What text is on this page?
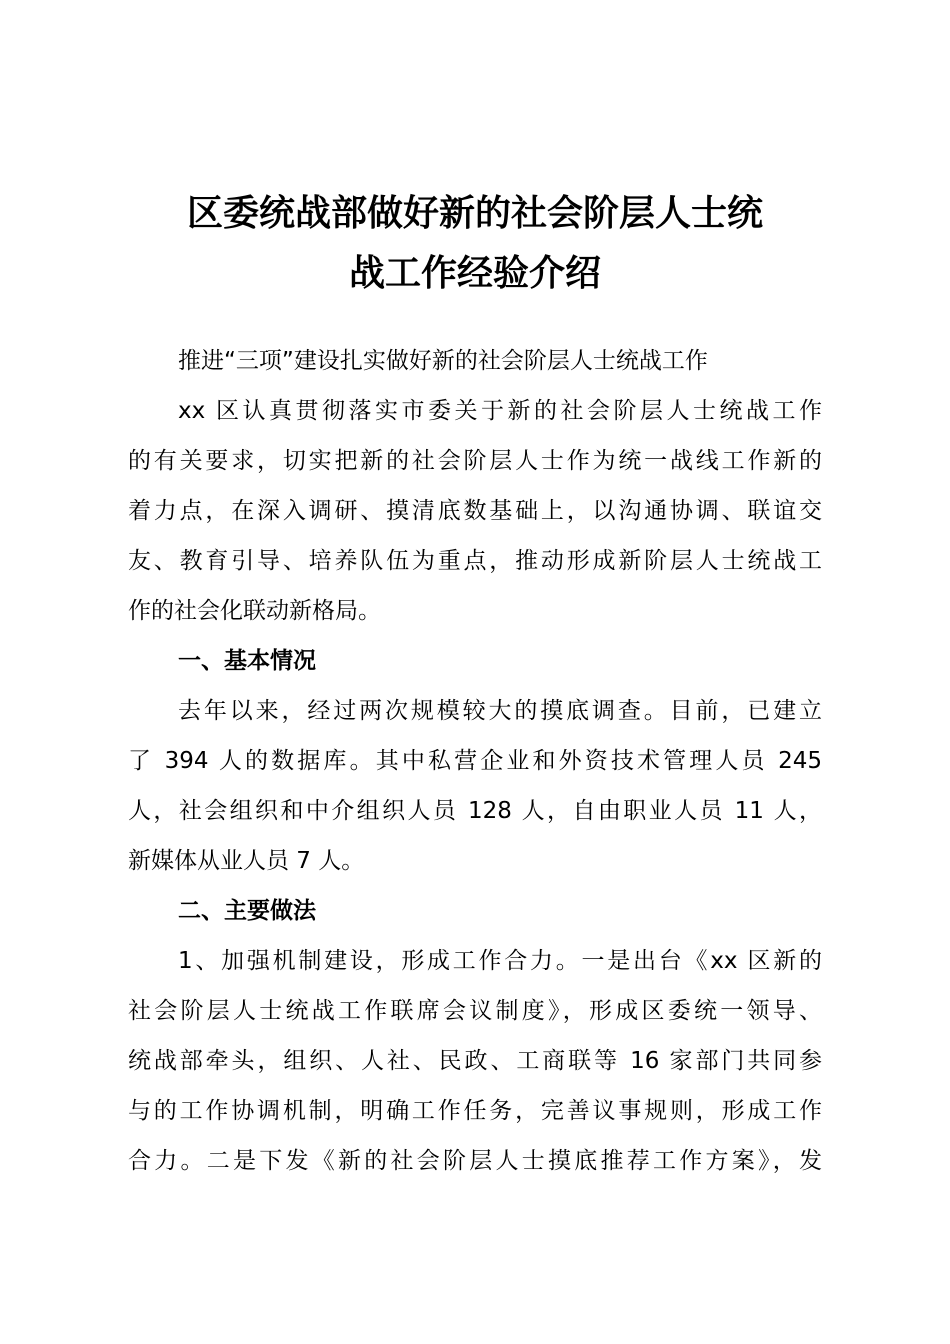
区委统战部做好新的社会阶层人士统
战工作经验介绍
推进“三项”建设扎实做好新的社会阶层人士统战工作
xx 区认真贯彻落实市委关于新的社会阶层人士统战工作
的有关要求，切实把新的社会阶层人士作为统一战线工作新的
着力点，在深入调研、摸清底数基础上，以沟通协调、联谊交
友、教育引导、培养队伍为重点，推动形成新阶层人士统战工
作的社会化联动新格局。
一、基本情况
去年以来，经过两次规模较大的摸底调查。目前，已建立
了 394 人的数据库。其中私营企业和外资技术管理人员 245
人，社会组织和中介组织人员 128 人，自由职业人员 11 人，
新媒体从业人员 7 人。
二、主要做法
1、加强机制建设，形成工作合力。一是出台《xx 区新的
社会阶层人士统战工作联席会议制度》，形成区委统一领导、
统战部牵头，组织、人社、民政、工商联等 16 家部门共同参
与的工作协调机制，明确工作任务，完善议事规则，形成工作
合力。二是下发《新的社会阶层人士摸底推荐工作方案》，发
